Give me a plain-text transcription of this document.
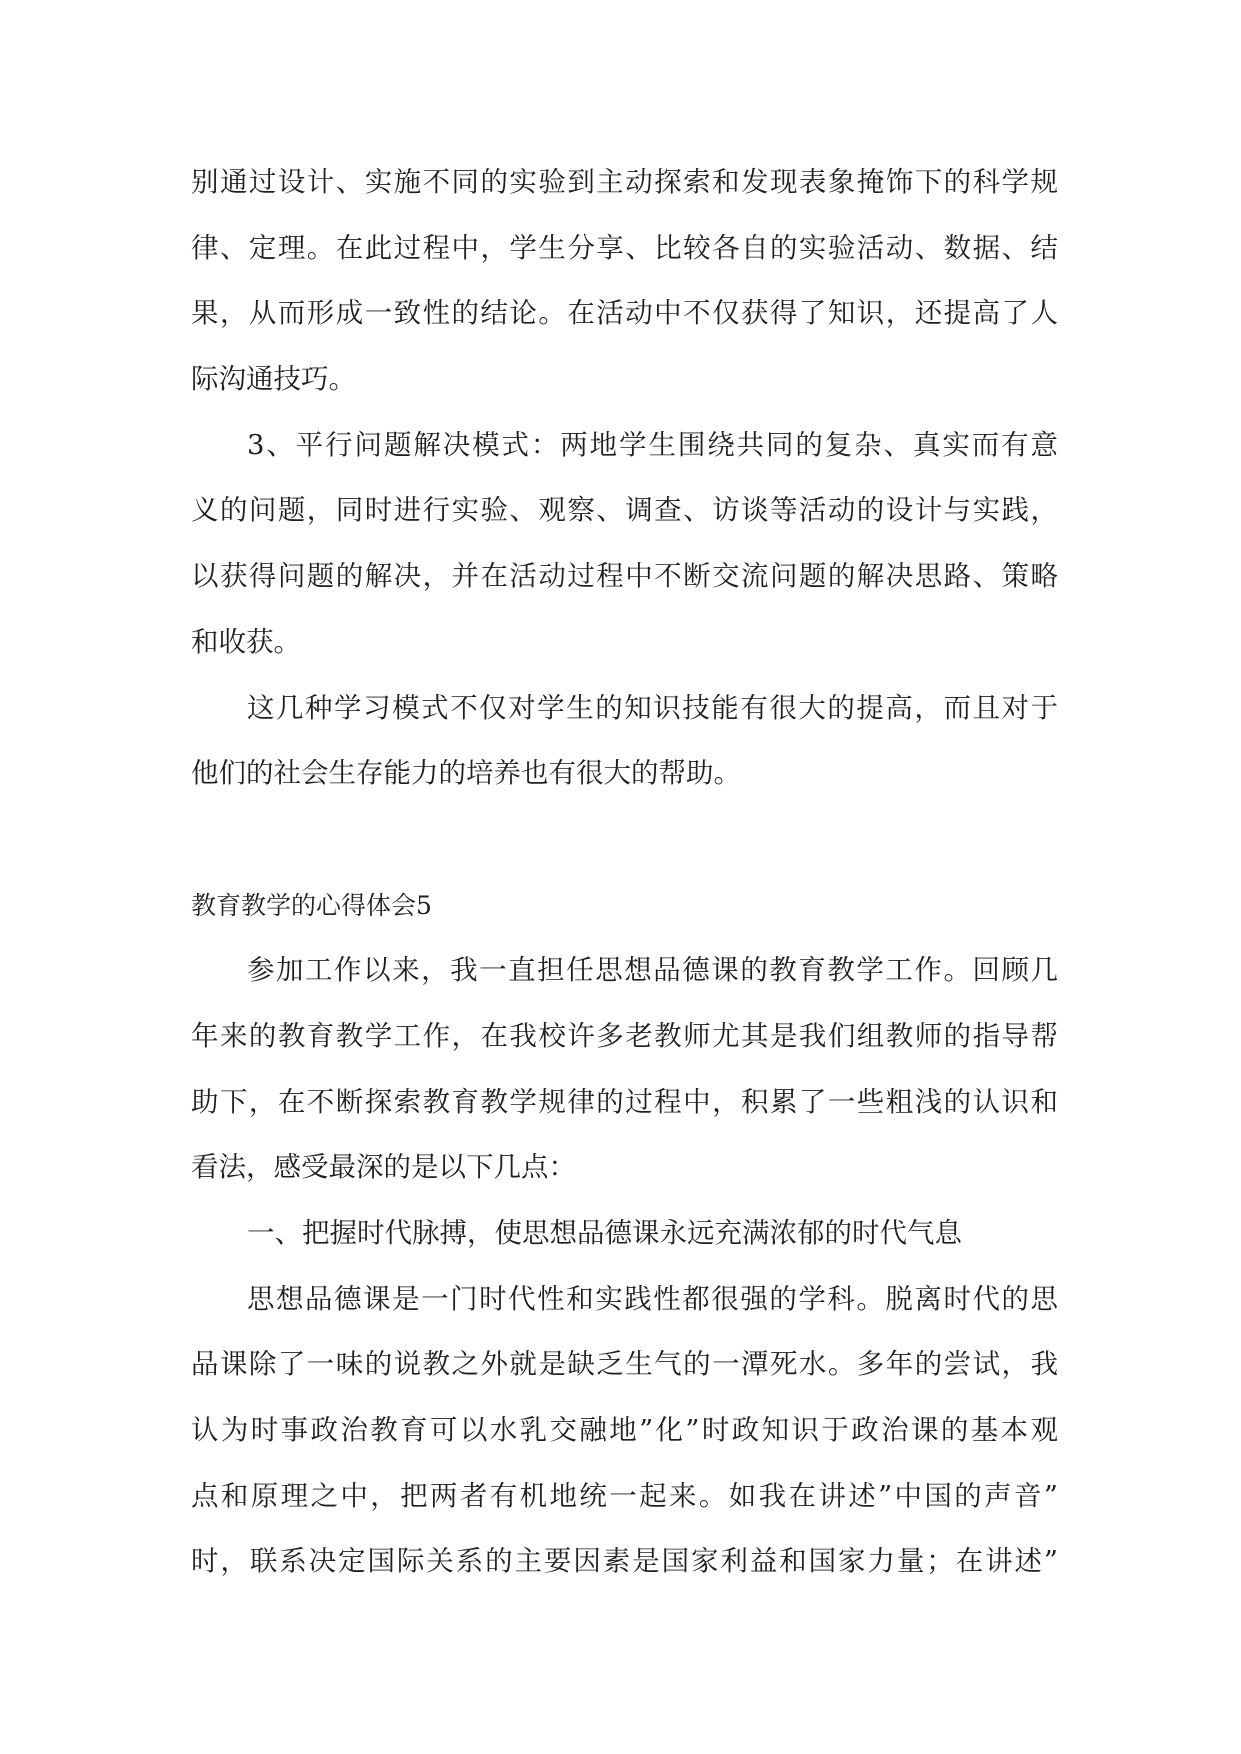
别通过设计、实施不同的实验到主动探索和发现表象掩饰下的科学规
律、定理。在此过程中，学生分享、比较各自的实验活动、数据、结
果，从而形成一致性的结论。在活动中不仅获得了知识，还提高了人
际沟通技巧。
3、平行问题解决模式：两地学生围绕共同的复杂、真实而有意
义的问题，同时进行实验、观察、调查、访谈等活动的设计与实践，
以获得问题的解决，并在活动过程中不断交流问题的解决思路、策略
和收获。
这几种学习模式不仅对学生的知识技能有很大的提高，而且对于
他们的社会生存能力的培养也有很大的帮助。
教育教学的心得体会5
参加工作以来，我一直担任思想品德课的教育教学工作。回顾几
年来的教育教学工作，在我校许多老教师尤其是我们组教师的指导帮
助下，在不断探索教育教学规律的过程中，积累了一些粗浅的认识和
看法，感受最深的是以下几点：
一、把握时代脉搏，使思想品德课永远充满浓郁的时代气息
思想品德课是一门时代性和实践性都很强的学科。脱离时代的思
品课除了一味的说教之外就是缺乏生气的一潭死水。多年的尝试，我
认为时事政治教育可以水乳交融地”化”时政知识于政治课的基本观
点和原理之中，把两者有机地统一起来。如我在讲述”中国的声音”
时，联系决定国际关系的主要因素是国家利益和国家力量；在讲述”
